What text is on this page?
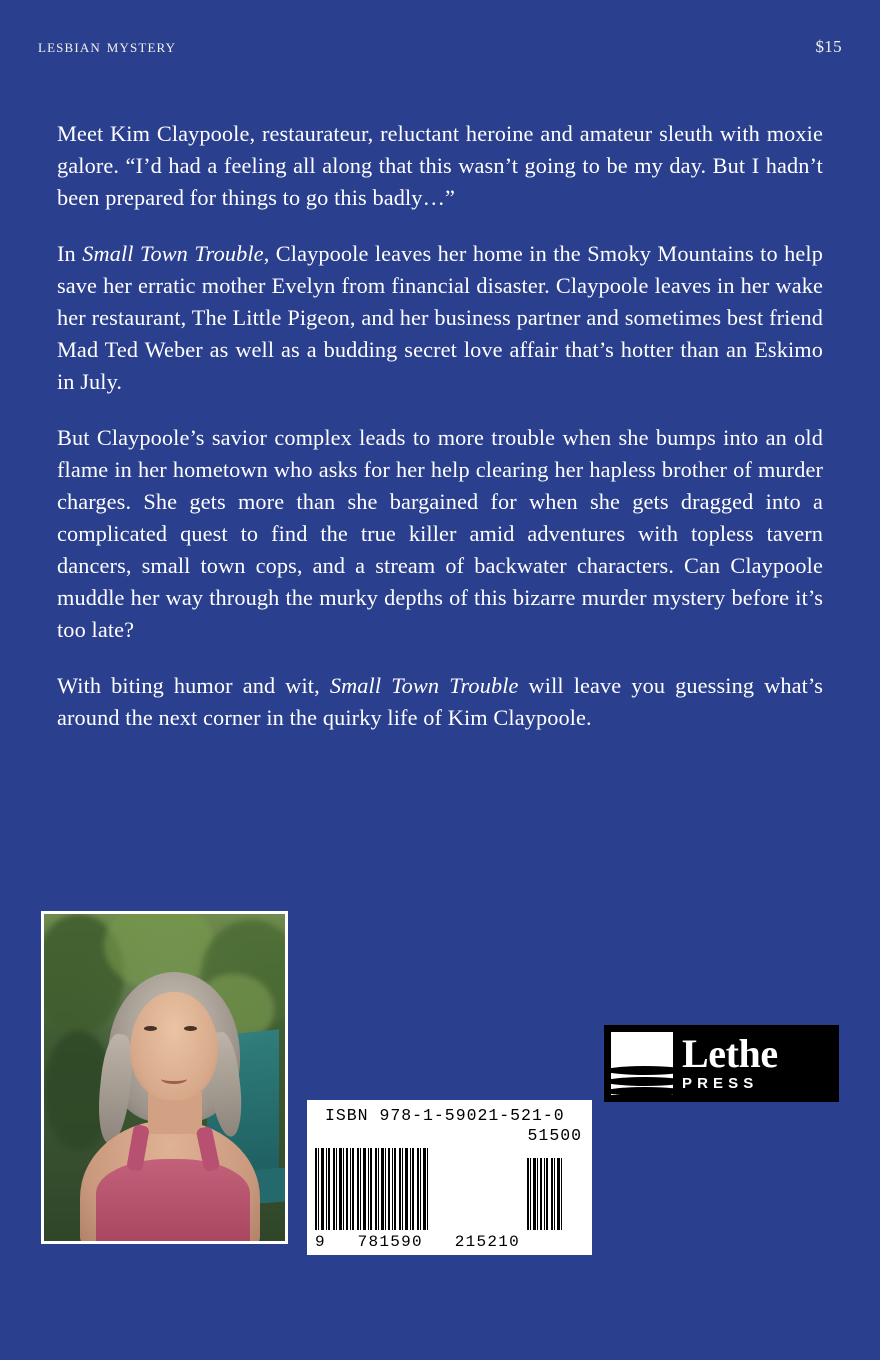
lesbian mystery	$15

Meet Kim Claypoole, restaurateur, reluctant heroine and amateur sleuth with moxie galore. “I’d had a feeling all along that this wasn’t going to be my day. But I hadn’t been prepared for things to go this badly…”

In Small Town Trouble, Claypoole leaves her home in the Smoky Mountains to help save her erratic mother Evelyn from financial disaster. Claypoole leaves in her wake her restaurant, The Little Pigeon, and her business partner and sometimes best friend Mad Ted Weber as well as a budding secret love affair that’s hotter than an Eskimo in July.

But Claypoole’s savior complex leads to more trouble when she bumps into an old flame in her hometown who asks for her help clearing her hapless brother of murder charges. She gets more than she bargained for when she gets dragged into a complicated quest to find the true killer amid adventures with topless tavern dancers, small town cops, and a stream of backwater characters. Can Claypoole muddle her way through the murky depths of this bizarre murder mystery before it’s too late?

With biting humor and wit, Small Town Trouble will leave you guessing what’s around the next corner in the quirky life of Kim Claypoole.

ISBN 978-1-59021-521-0
51500
9 781590 215210
Lethe
PRESS
